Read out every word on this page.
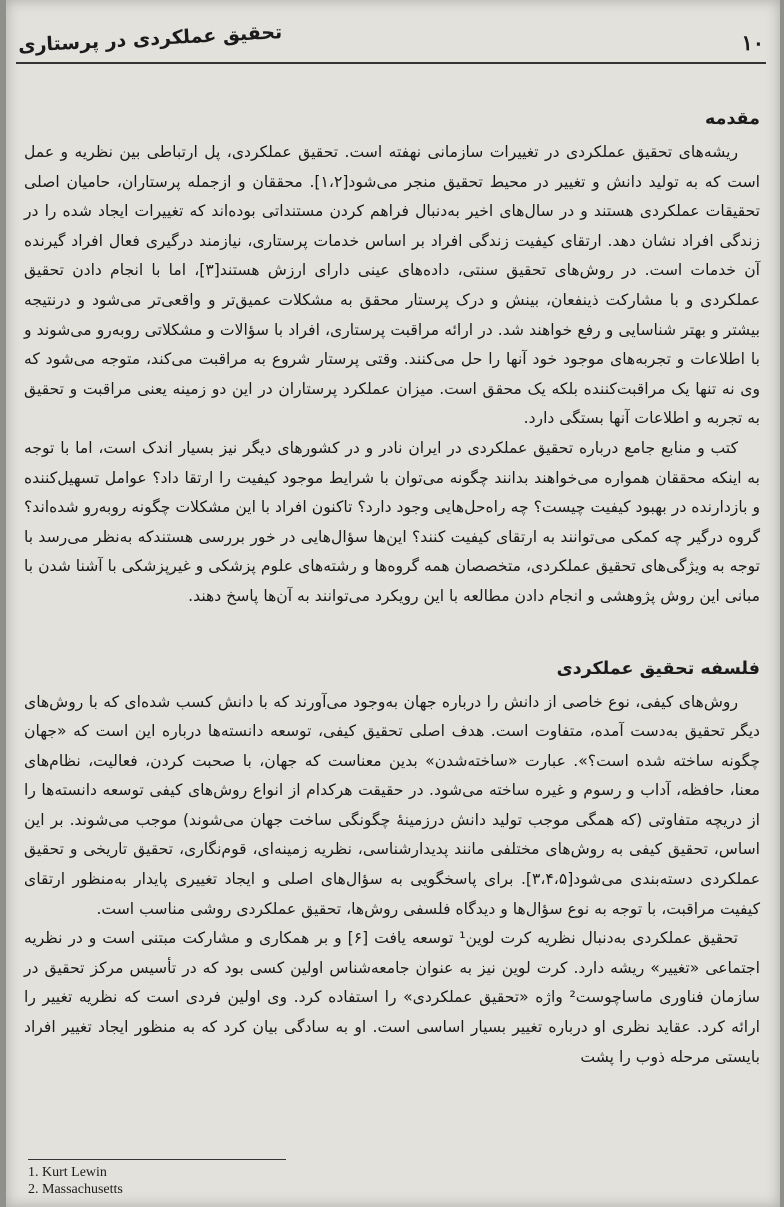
۱۰
تحقیق عملکردی در پرستاری
مقدمه

ریشه‌های تحقیق عملکردی در تغییرات سازمانی نهفته است. تحقیق عملکردی، پل ارتباطی بین نظریه و عمل است که به تولید دانش و تغییر در محیط تحقیق منجر می‌شود[۱،۲]. محققان و ازجمله پرستاران، حامیان اصلی تحقیقات عملکردی هستند و در سال‌های اخیر به‌دنبال فراهم کردن مستنداتی بوده‌اند که تغییرات ایجاد شده را در زندگی افراد نشان دهد. ارتقای کیفیت زندگی افراد بر اساس خدمات پرستاری، نیازمند درگیری فعال افراد گیرنده آن خدمات است. در روش‌های تحقیق سنتی، داده‌های عینی دارای ارزش هستند[۳]، اما با انجام دادن تحقیق عملکردی و با مشارکت ذینفعان، بینش و درک پرستار محقق به مشکلات عمیق‌تر و واقعی‌تر می‌شود و درنتیجه بیشتر و بهتر شناسایی و رفع خواهند شد. در ارائه مراقبت پرستاری، افراد با سؤالات و مشکلاتی روبه‌رو می‌شوند و با اطلاعات و تجربه‌های موجود خود آنها را حل می‌کنند. وقتی پرستار شروع به مراقبت می‌کند، متوجه می‌شود که وی نه تنها یک مراقبت‌کننده بلکه یک محقق است. میزان عملکرد پرستاران در این دو زمینه یعنی مراقبت و تحقیق به تجربه و اطلاعات آنها بستگی دارد.

کتب و منابع جامع درباره تحقیق عملکردی در ایران نادر و در کشورهای دیگر نیز بسیار اندک است، اما با توجه به اینکه محققان همواره می‌خواهند بدانند چگونه می‌توان با شرایط موجود کیفیت را ارتقا داد؟ عوامل تسهیل‌کننده و بازدارنده در بهبود کیفیت چیست؟ چه راه‌حل‌هایی وجود دارد؟ تاکنون افراد با این مشکلات چگونه روبه‌رو شده‌اند؟ گروه درگیر چه کمکی می‌توانند به ارتقای کیفیت کنند؟ این‌ها سؤال‌هایی در خور بررسی هستندکه به‌نظر می‌رسد با توجه به ویژگی‌های تحقیق عملکردی، متخصصان همه گروه‌ها و رشته‌های علوم پزشکی و غیرپزشکی با آشنا شدن با مبانی این روش پژوهشی و انجام دادن مطالعه با این رویکرد می‌توانند به آن‌ها پاسخ دهند.

فلسفه تحقیق عملکردی

روش‌های کیفی، نوع خاصی از دانش را درباره جهان به‌وجود می‌آورند که با دانش کسب شده‌ای که با روش‌های دیگر تحقیق به‌دست آمده، متفاوت است. هدف اصلی تحقیق کیفی، توسعه دانسته‌ها درباره این است که «جهان چگونه ساخته شده است؟». عبارت «ساخته‌شدن» بدین معناست که جهان، با صحبت کردن، فعالیت، نظام‌های معنا، حافظه، آداب و رسوم و غیره ساخته می‌شود. در حقیقت هرکدام از انواع روش‌های کیفی توسعه دانسته‌ها را از دریچه متفاوتی (که همگی موجب تولید دانش درزمینهٔ چگونگی ساخت جهان می‌شوند) موجب می‌شوند. بر این اساس، تحقیق کیفی به روش‌های مختلفی مانند پدیدارشناسی، نظریه زمینه‌ای، قوم‌نگاری، تحقیق تاریخی و تحقیق عملکردی دسته‌بندی می‌شود[۳،۴،۵]. برای پاسخگویی به سؤال‌های اصلی و ایجاد تغییری پایدار به‌منظور ارتقای کیفیت مراقبت، با توجه به نوع سؤال‌ها و دیدگاه فلسفی روش‌ها، تحقیق عملکردی روشی مناسب است.

تحقیق عملکردی به‌دنبال نظریه کرت لوین¹ توسعه یافت [۶] و بر همکاری و مشارکت مبتنی است و در نظریه اجتماعی «تغییر» ریشه دارد. کرت لوین نیز به عنوان جامعه‌شناس اولین کسی بود که در تأسیس مرکز تحقیق در سازمان فناوری ماساچوست² واژه «تحقیق عملکردی» را استفاده کرد. وی اولین فردی است که نظریه تغییر را ارائه کرد. عقاید نظری او درباره تغییر بسیار اساسی است. او به سادگی بیان کرد که به منظور ایجاد تغییر افراد بایستی مرحله ذوب را پشت

1. Kurt Lewin
2. Massachusetts
